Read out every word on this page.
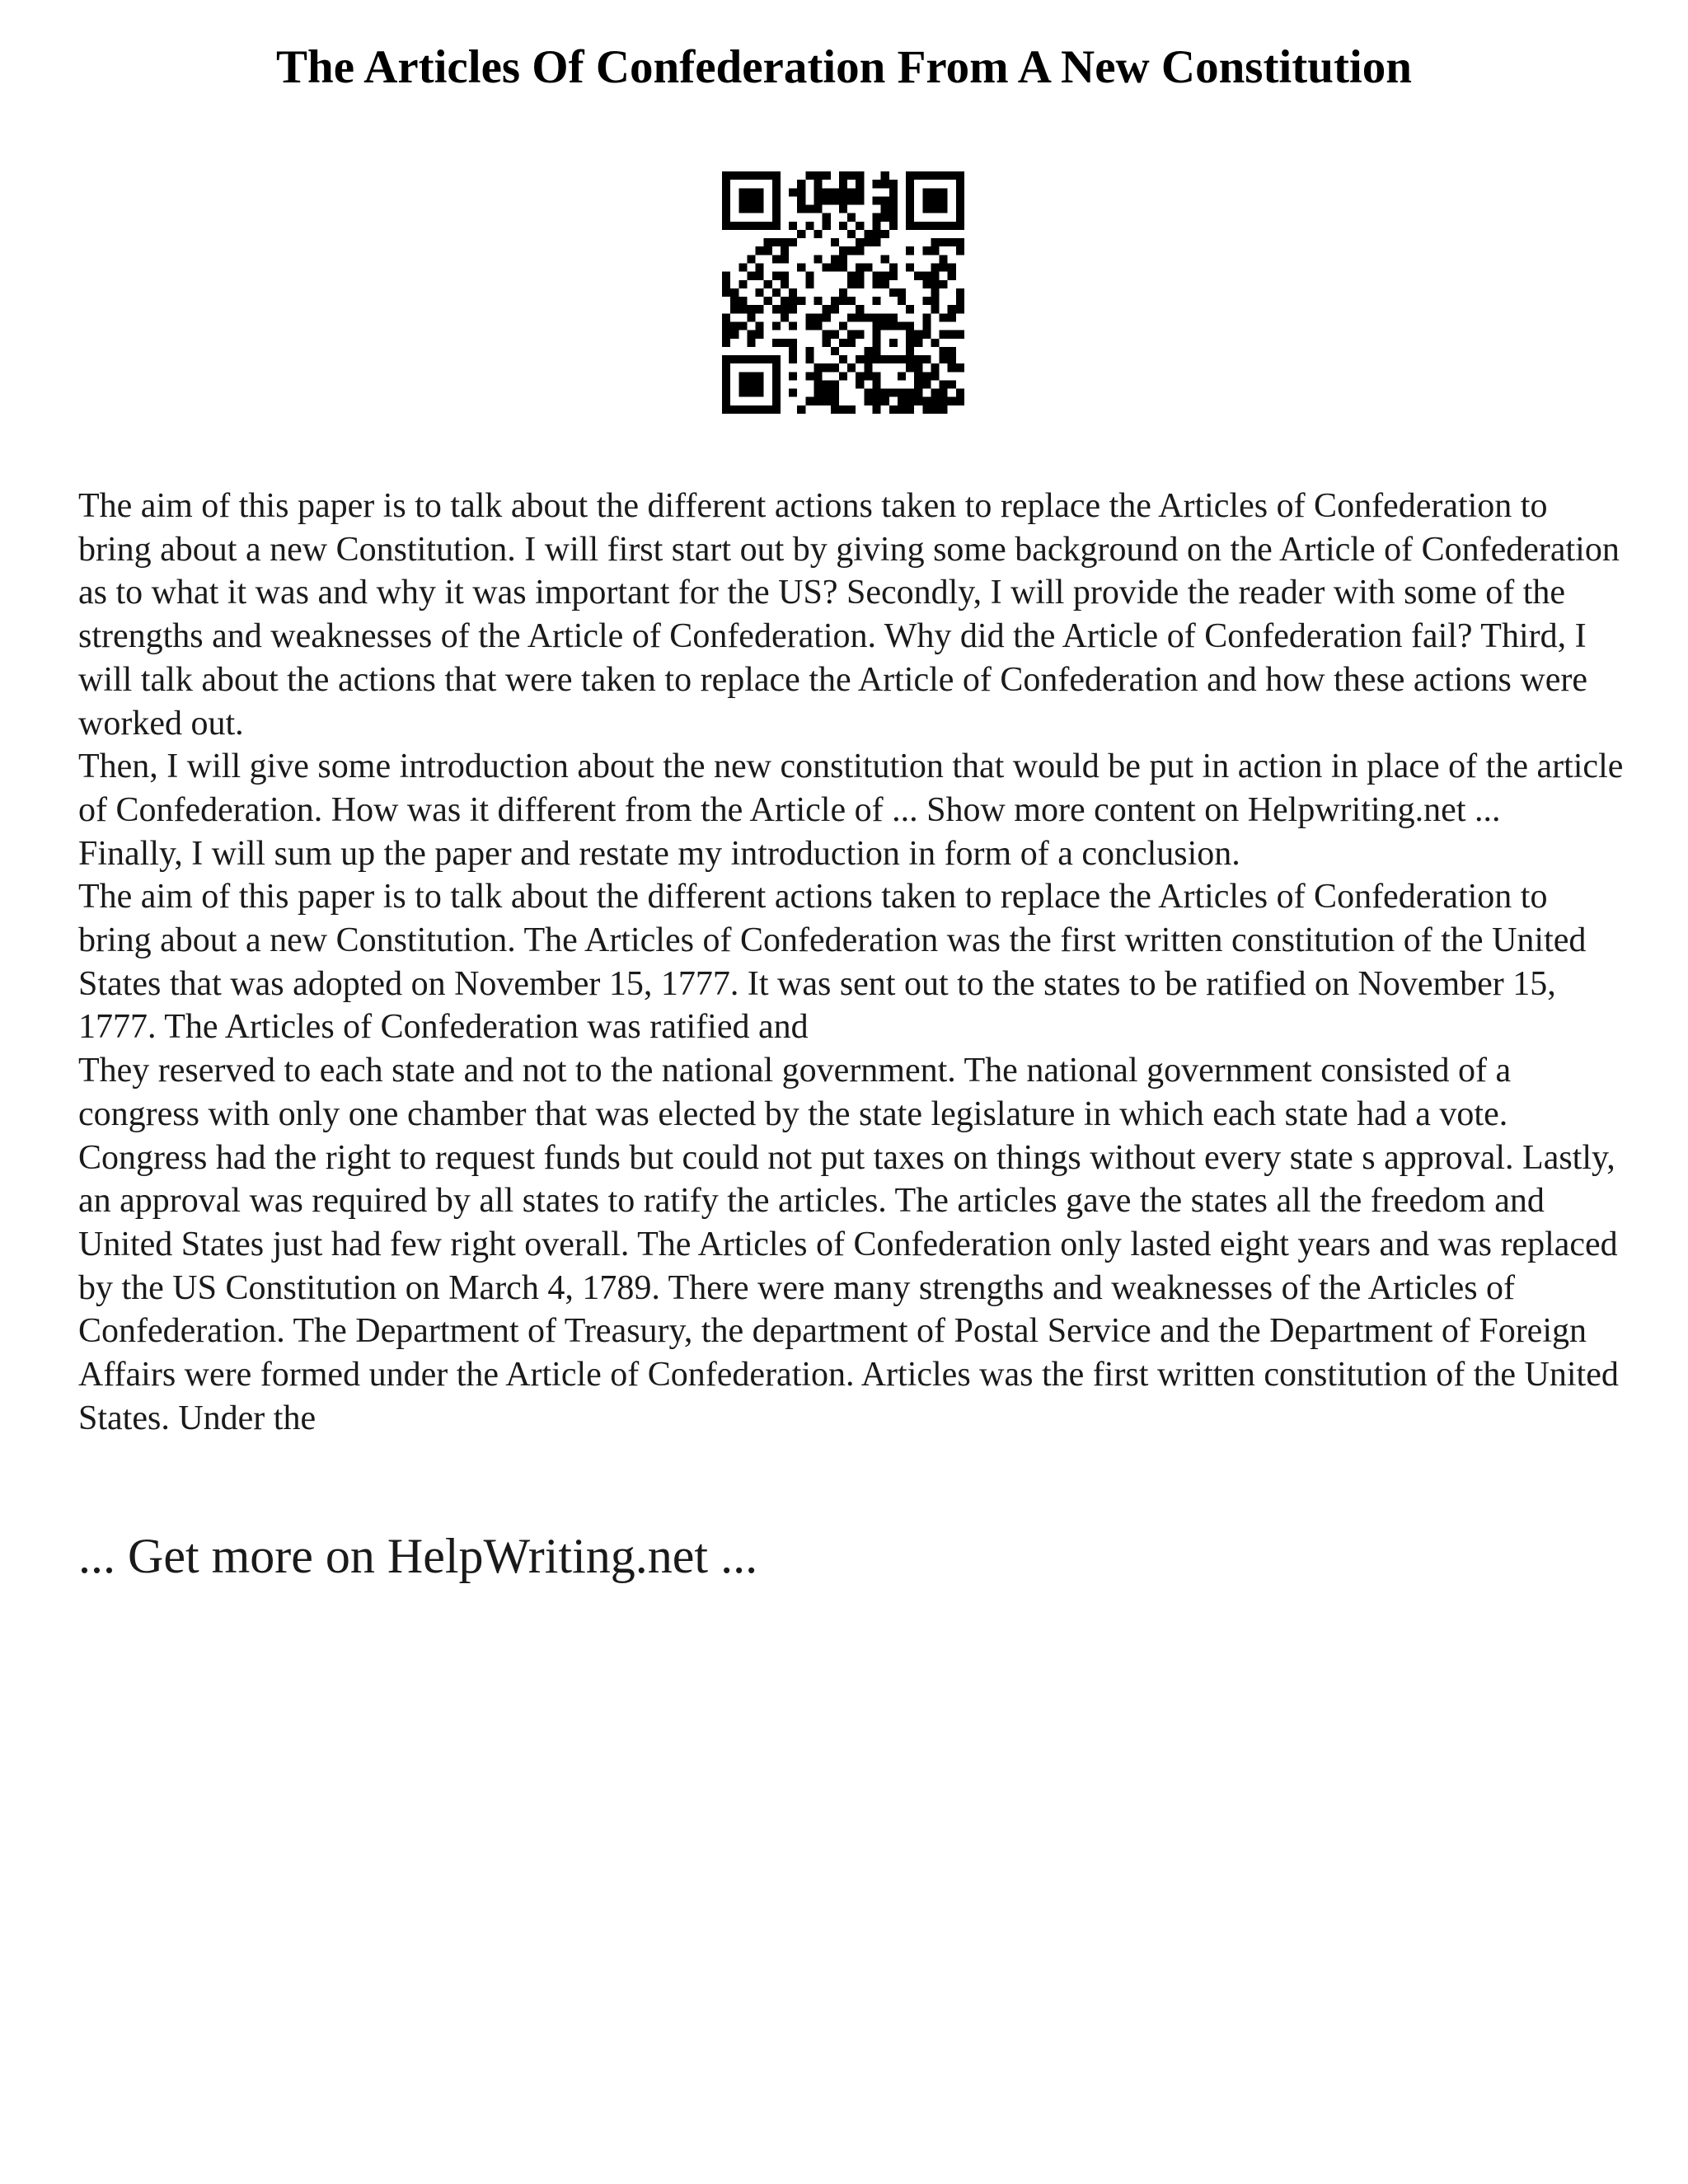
The Articles Of Confederation From A New Constitution

The aim of this paper is to talk about the different actions taken to replace the Articles of Confederation to bring about a new Constitution. I will first start out by giving some background on the Article of Confederation as to what it was and why it was important for the US? Secondly, I will provide the reader with some of the strengths and weaknesses of the Article of Confederation. Why did the Article of Confederation fail? Third, I will talk about the actions that were taken to replace the Article of Confederation and how these actions were worked out.

Then, I will give some introduction about the new constitution that would be put in action in place of the article of Confederation. How was it different from the Article of ... Show more content on Helpwriting.net ...

Finally, I will sum up the paper and restate my introduction in form of a conclusion.

The aim of this paper is to talk about the different actions taken to replace the Articles of Confederation to bring about a new Constitution. The Articles of Confederation was the first written constitution of the United States that was adopted on November 15, 1777. It was sent out to the states to be ratified on November 15, 1777. The Articles of Confederation was ratified and

They reserved to each state and not to the national government. The national government consisted of a congress with only one chamber that was elected by the state legislature in which each state had a vote. Congress had the right to request funds but could not put taxes on things without every state s approval. Lastly, an approval was required by all states to ratify the articles. The articles gave the states all the freedom and United States just had few right overall. The Articles of Confederation only lasted eight years and was replaced by the US Constitution on March 4, 1789. There were many strengths and weaknesses of the Articles of Confederation. The Department of Treasury, the department of Postal Service and the Department of Foreign Affairs were formed under the Article of Confederation. Articles was the first written constitution of the United States. Under the

... Get more on HelpWriting.net ...
